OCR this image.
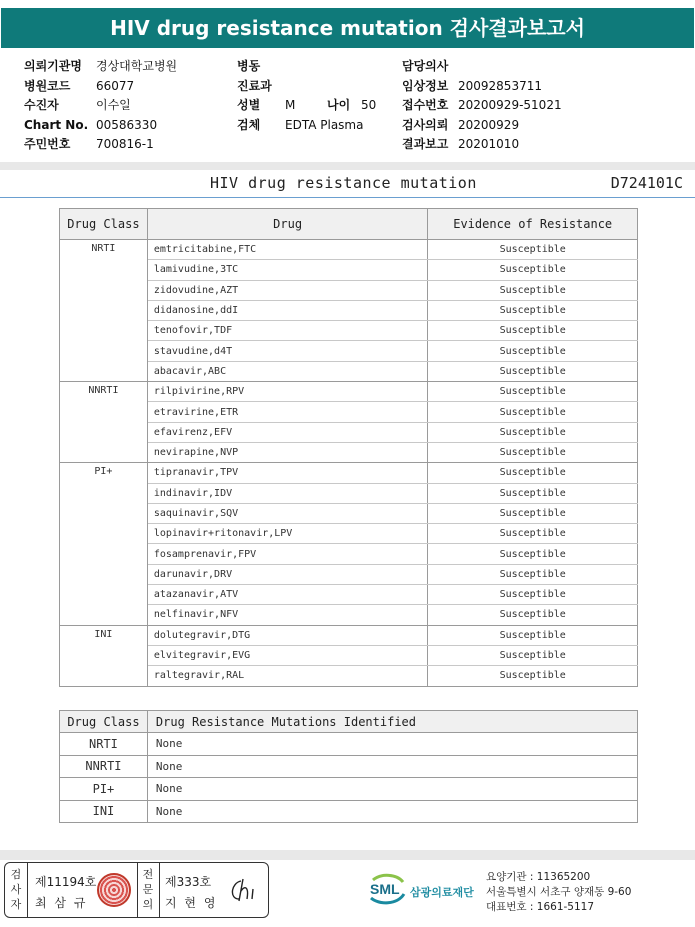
HIV drug resistance mutation 검사결과보고서
의뢰기관명 경상대학교병원
병원코드 66077
수진자	이수일
Chart No. 00586330
주민번호 700816-1
병동
진료과
성별 M	나이 50
검체 EDTA Plasma
담당의사
임상정보 20092853711
접수번호 20200929-51021
검사의뢰 20200929
결과보고 20201010
HIV drug resistance mutation	D724101C
Drug Class	Drug	Evidence of Resistance
NRTI	emtricitabine,FTC	Susceptible
	lamivudine,3TC	Susceptible
	zidovudine,AZT	Susceptible
	didanosine,ddI	Susceptible
	tenofovir,TDF	Susceptible
	stavudine,d4T	Susceptible
	abacavir,ABC	Susceptible
NNRTI	rilpivirine,RPV	Susceptible
	etravirine,ETR	Susceptible
	efavirenz,EFV	Susceptible
	nevirapine,NVP	Susceptible
PI+	tipranavir,TPV	Susceptible
	indinavir,IDV	Susceptible
	saquinavir,SQV	Susceptible
	lopinavir+ritonavir,LPV	Susceptible
	fosamprenavir,FPV	Susceptible
	darunavir,DRV	Susceptible
	atazanavir,ATV	Susceptible
	nelfinavir,NFV	Susceptible
INI	dolutegravir,DTG	Susceptible
	elvitegravir,EVG	Susceptible
	raltegravir,RAL	Susceptible
Drug Class	Drug Resistance Mutations Identified
NRTI	None
NNRTI	None
PI+	None
INI	None
검사자
제11194호
최 삼 규
전문의
제333호
지 현 영
SML 삼광의료재단
요양기관 : 11365200
서울특별시 서초구 양재동 9-60
대표번호 : 1661-5117
